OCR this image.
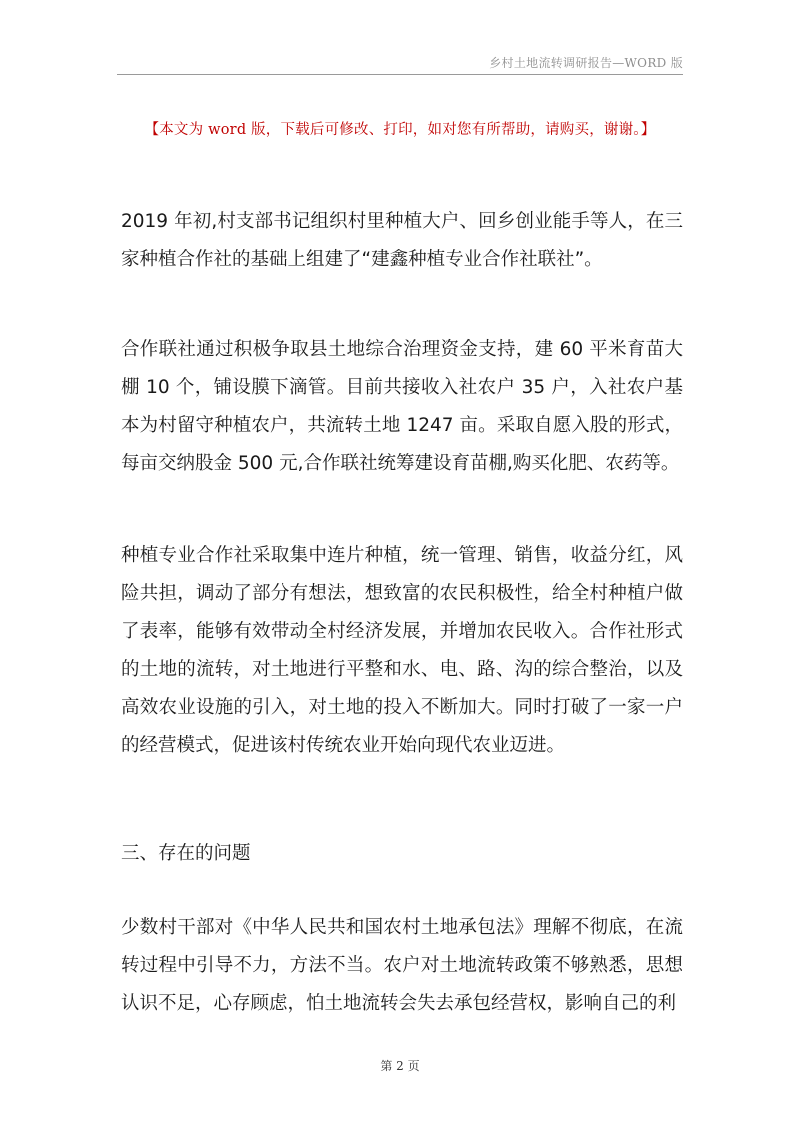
乡村土地流转调研报告—WORD 版
【本文为 word 版，下载后可修改、打印，如对您有所帮助，请购买，谢谢。】

2019 年初,村支部书记组织村里种植大户、回乡创业能手等人，在三家种植合作社的基础上组建了“建鑫种植专业合作社联社”。

合作联社通过积极争取县土地综合治理资金支持，建 60 平米育苗大棚 10 个，铺设膜下滴管。目前共接收入社农户 35 户，入社农户基本为村留守种植农户，共流转土地 1247 亩。采取自愿入股的形式，每亩交纳股金 500 元,合作联社统筹建设育苗棚,购买化肥、农药等。

种植专业合作社采取集中连片种植，统一管理、销售，收益分红，风险共担，调动了部分有想法，想致富的农民积极性，给全村种植户做了表率，能够有效带动全村经济发展，并增加农民收入。合作社形式的土地的流转，对土地进行平整和水、电、路、沟的综合整治，以及高效农业设施的引入，对土地的投入不断加大。同时打破了一家一户的经营模式，促进该村传统农业开始向现代农业迈进。

三、存在的问题

少数村干部对《中华人民共和国农村土地承包法》理解不彻底，在流转过程中引导不力，方法不当。农户对土地流转政策不够熟悉，思想认识不足，心存顾虑，怕土地流转会失去承包经营权，影响自己的利

第 2 页
